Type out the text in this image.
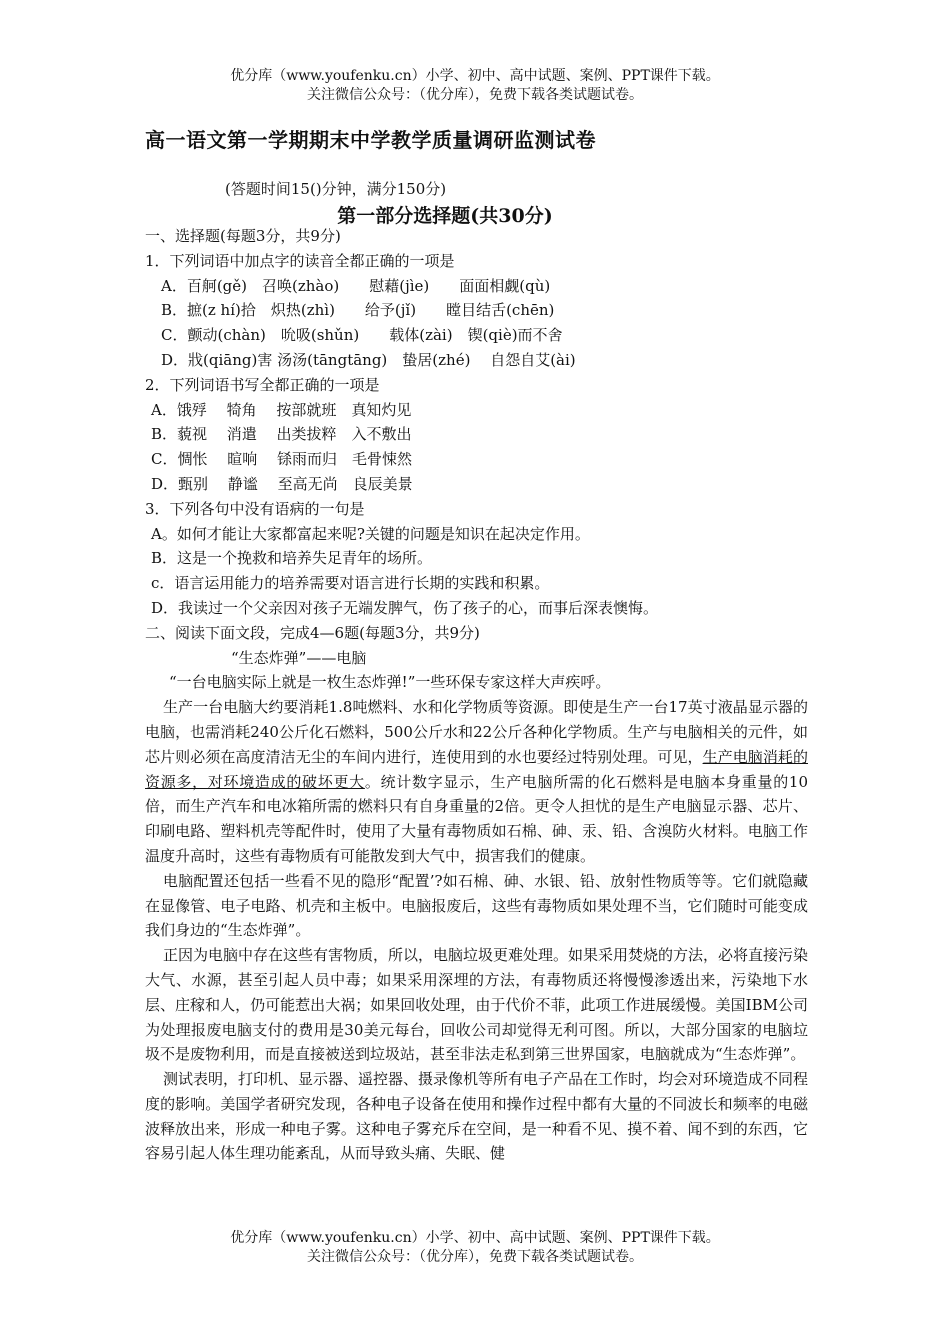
优分库（www.youfenku.cn）小学、初中、高中试题、案例、PPT课件下载。
关注微信公众号：（优分库），免费下载各类试题试卷。
高一语文第一学期期末中学教学质量调研监测试卷
(答题时间15()分钟，满分150分)
第一部分选择题(共30分)
一、选择题(每题3分，共9分)
1．下列词语中加点字的读音全都正确的一项是
A．百舸(gě)　召唤(zhào)　　慰藉(jìe)　　面面相觑(qù)
B．摭(z hí)拾　炽热(zhì)　　给予(jǐ)　　瞠目结舌(chēn)
C．颤动(chàn)　吮吸(shǔn)　　载体(zài)　锲(qiè)而不舍
D．戕(qiāng)害 汤汤(tāngtāng)　蛰居(zhé)　 自怨自艾(ài)
2．下列词语书写全都正确的一项是
A．饿殍　 犄角　 按部就班　真知灼见
B．藐视　 消遣　 出类拔粹　入不敷出
C．惆怅　 暄响　 铩雨而归　毛骨悚然
D．甄别　 静谧　 至高无尚　良辰美景
3．下列各句中没有语病的一句是
A。如何才能让大家都富起来呢?关键的问题是知识在起决定作用。
B．这是一个挽救和培养失足青年的场所。
c．语言运用能力的培养需要对语言进行长期的实践和积累。
D．我读过一个父亲因对孩子无端发脾气，伤了孩子的心，而事后深表懊悔。
二、阅读下面文段，完成4—6题(每题3分，共9分)
“生态炸弹”——电脑
“一台电脑实际上就是一枚生态炸弹!”一些环保专家这样大声疾呼。

生产一台电脑大约要消耗1.8吨燃料、水和化学物质等资源。即使是生产一台17英寸液晶显示器的电脑，也需消耗240公斤化石燃料，500公斤水和22公斤各种化学物质。生产与电脑相关的元件，如芯片则必须在高度清洁无尘的车间内进行，连使用到的水也要经过特别处理。可见，生产电脑消耗的资源多，对环境造成的破坏更大。统计数字显示，生产电脑所需的化石燃料是电脑本身重量的10倍，而生产汽车和电冰箱所需的燃料只有自身重量的2倍。更令人担忧的是生产电脑显示器、芯片、印刷电路、塑料机壳等配件时，使用了大量有毒物质如石棉、砷、汞、铅、含溴防火材料。电脑工作温度升高时，这些有毒物质有可能散发到大气中，损害我们的健康。

电脑配置还包括一些看不见的隐形“配置’?如石棉、砷、水银、铅、放射性物质等等。它们就隐藏在显像管、电子电路、机壳和主板中。电脑报废后，这些有毒物质如果处理不当，它们随时可能变成我们身边的“生态炸弹”。

正因为电脑中存在这些有害物质，所以，电脑垃圾更难处理。如果采用焚烧的方法，必将直接污染大气、水源，甚至引起人员中毒；如果采用深埋的方法，有毒物质还将慢慢渗透出来，污染地下水层、庄稼和人，仍可能惹出大祸；如果回收处理，由于代价不菲，此项工作进展缓慢。美国IBM公司为处理报废电脑支付的费用是30美元每台，回收公司却觉得无利可图。所以，大部分国家的电脑垃圾不是废物利用，而是直接被送到垃圾站，甚至非法走私到第三世界国家，电脑就成为“生态炸弹”。

测试表明，打印机、显示器、遥控器、摄录像机等所有电子产品在工作时，均会对环境造成不同程度的影响。美国学者研究发现，各种电子设备在使用和操作过程中都有大量的不同波长和频率的电磁波释放出来，形成一种电子雾。这种电子雾充斥在空间，是一种看不见、摸不着、闻不到的东西，它容易引起人体生理功能紊乱，从而导致头痛、失眠、健

优分库（www.youfenku.cn）小学、初中、高中试题、案例、PPT课件下载。
关注微信公众号：（优分库），免费下载各类试题试卷。
